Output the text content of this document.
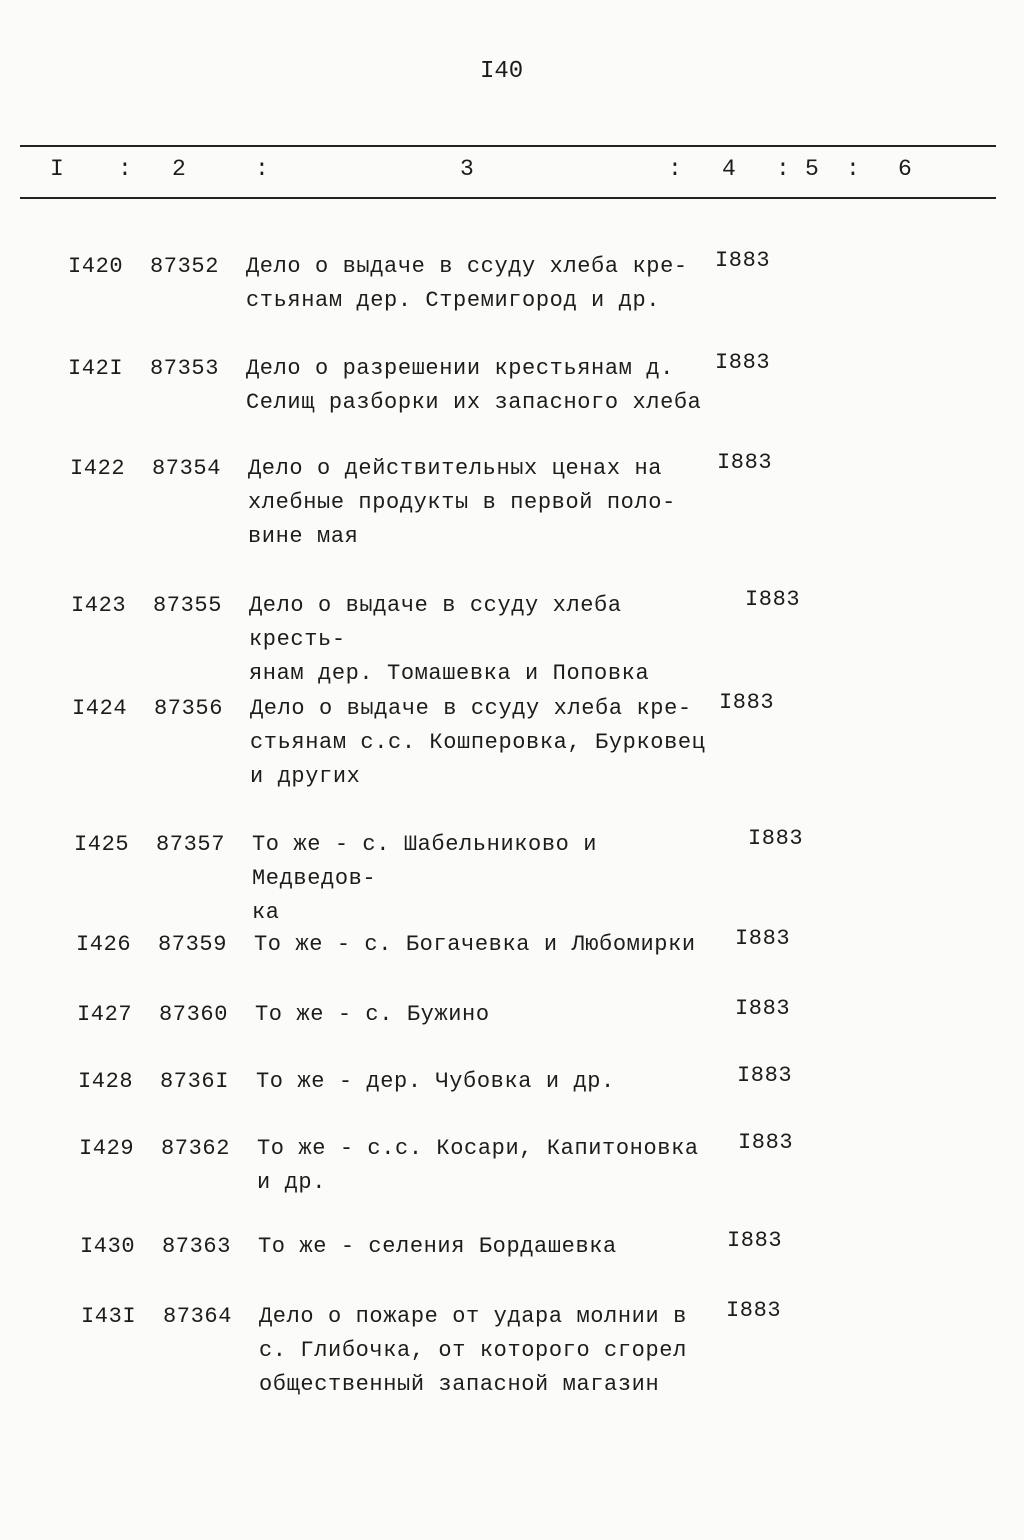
I40
I : 2	:	3	: 4 : 5 : 6
I420 87352 Дело о выдаче в ссуду хлеба кре-
стьянам дер. Стремигород и др.
I883
I42I 87353 Дело о разрешении крестьянам д.
Селищ разборки их запасного хлеба
I883
I422 87354 Дело о действительных ценах на
хлебные продукты в первой поло-
вине мая
I883
I423 87355 Дело о выдаче в ссуду хлеба кресть-
янам дер. Томашевка и Поповка
I883
I424 87356 Дело о выдаче в ссуду хлеба кре-
стьянам с.с. Кошперовка, Бурковец
и других
I883
I425 87357 То же - с. Шабельниково и Медведов-
ка
I883
I426 87359 То же - с. Богачевка и Любомирки	I883
I427 87360 То же - с. Бужино	I883
I428 8736I То же - дер. Чубовка и др.	I883
I429 87362 То же - с.с. Косари, Капитоновка
и др.
I883
I430 87363 То же - селения Бордашевка	I883
I43I 87364 Дело о пожаре от удара молнии в
с. Глибочка, от которого сгорел
общественный запасной магазин
I883
